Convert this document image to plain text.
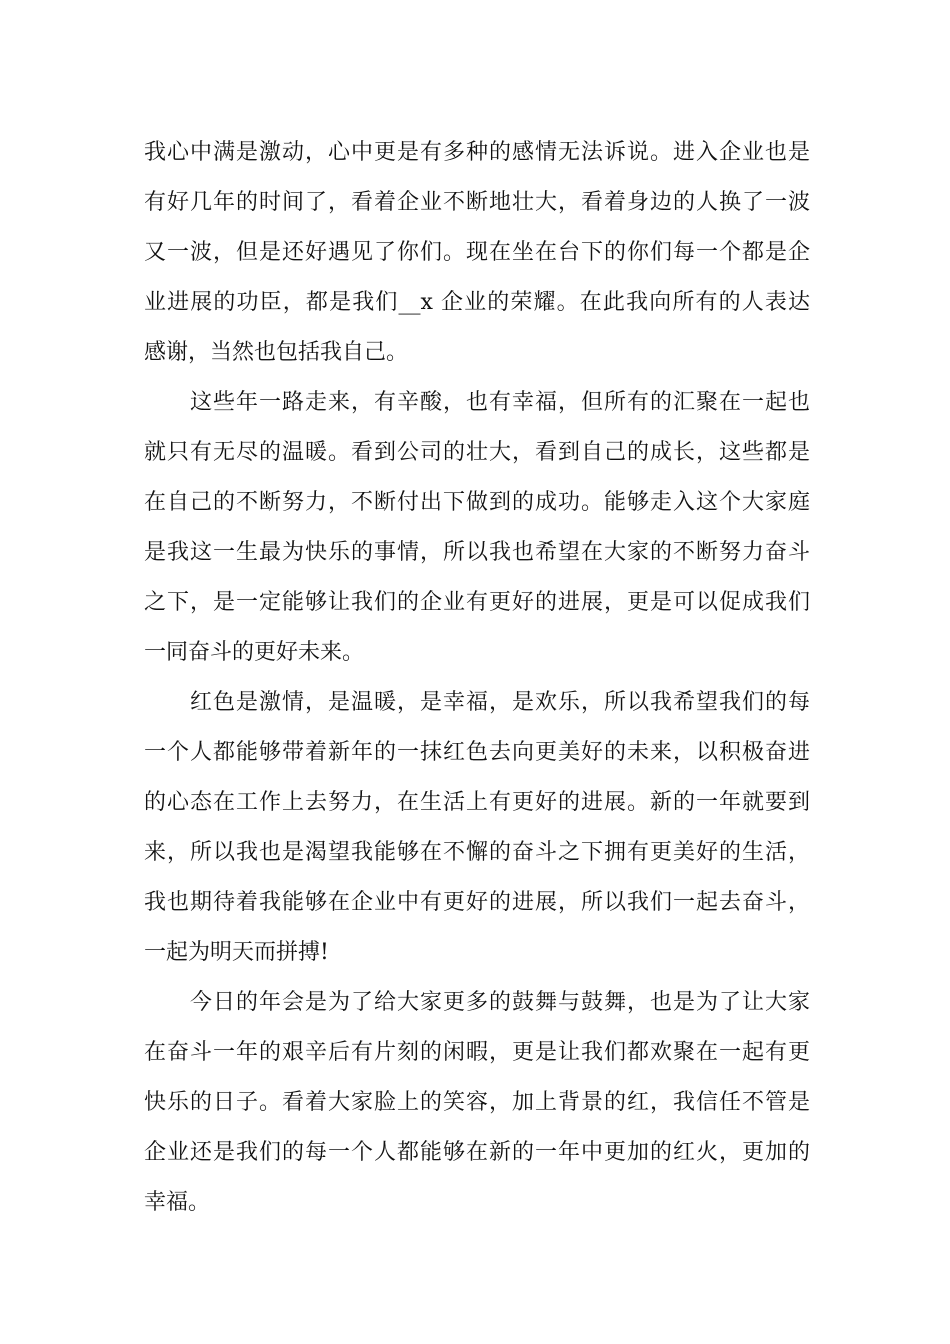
我心中满是激动，心中更是有多种的感情无法诉说。进入企业也是
有好几年的时间了，看着企业不断地壮大，看着身边的人换了一波
又一波，但是还好遇见了你们。现在坐在台下的你们每一个都是企
业进展的功臣，都是我们__x 企业的荣耀。在此我向所有的人表达
感谢，当然也包括我自己。
这些年一路走来，有辛酸，也有幸福，但所有的汇聚在一起也
就只有无尽的温暖。看到公司的壮大，看到自己的成长，这些都是
在自己的不断努力，不断付出下做到的成功。能够走入这个大家庭
是我这一生最为快乐的事情，所以我也希望在大家的不断努力奋斗
之下，是一定能够让我们的企业有更好的进展，更是可以促成我们
一同奋斗的更好未来。
红色是激情，是温暖，是幸福，是欢乐，所以我希望我们的每
一个人都能够带着新年的一抹红色去向更美好的未来，以积极奋进
的心态在工作上去努力，在生活上有更好的进展。新的一年就要到
来，所以我也是渴望我能够在不懈的奋斗之下拥有更美好的生活，
我也期待着我能够在企业中有更好的进展，所以我们一起去奋斗，
一起为明天而拼搏!
今日的年会是为了给大家更多的鼓舞与鼓舞，也是为了让大家
在奋斗一年的艰辛后有片刻的闲暇，更是让我们都欢聚在一起有更
快乐的日子。看着大家脸上的笑容，加上背景的红，我信任不管是
企业还是我们的每一个人都能够在新的一年中更加的红火，更加的
幸福。
